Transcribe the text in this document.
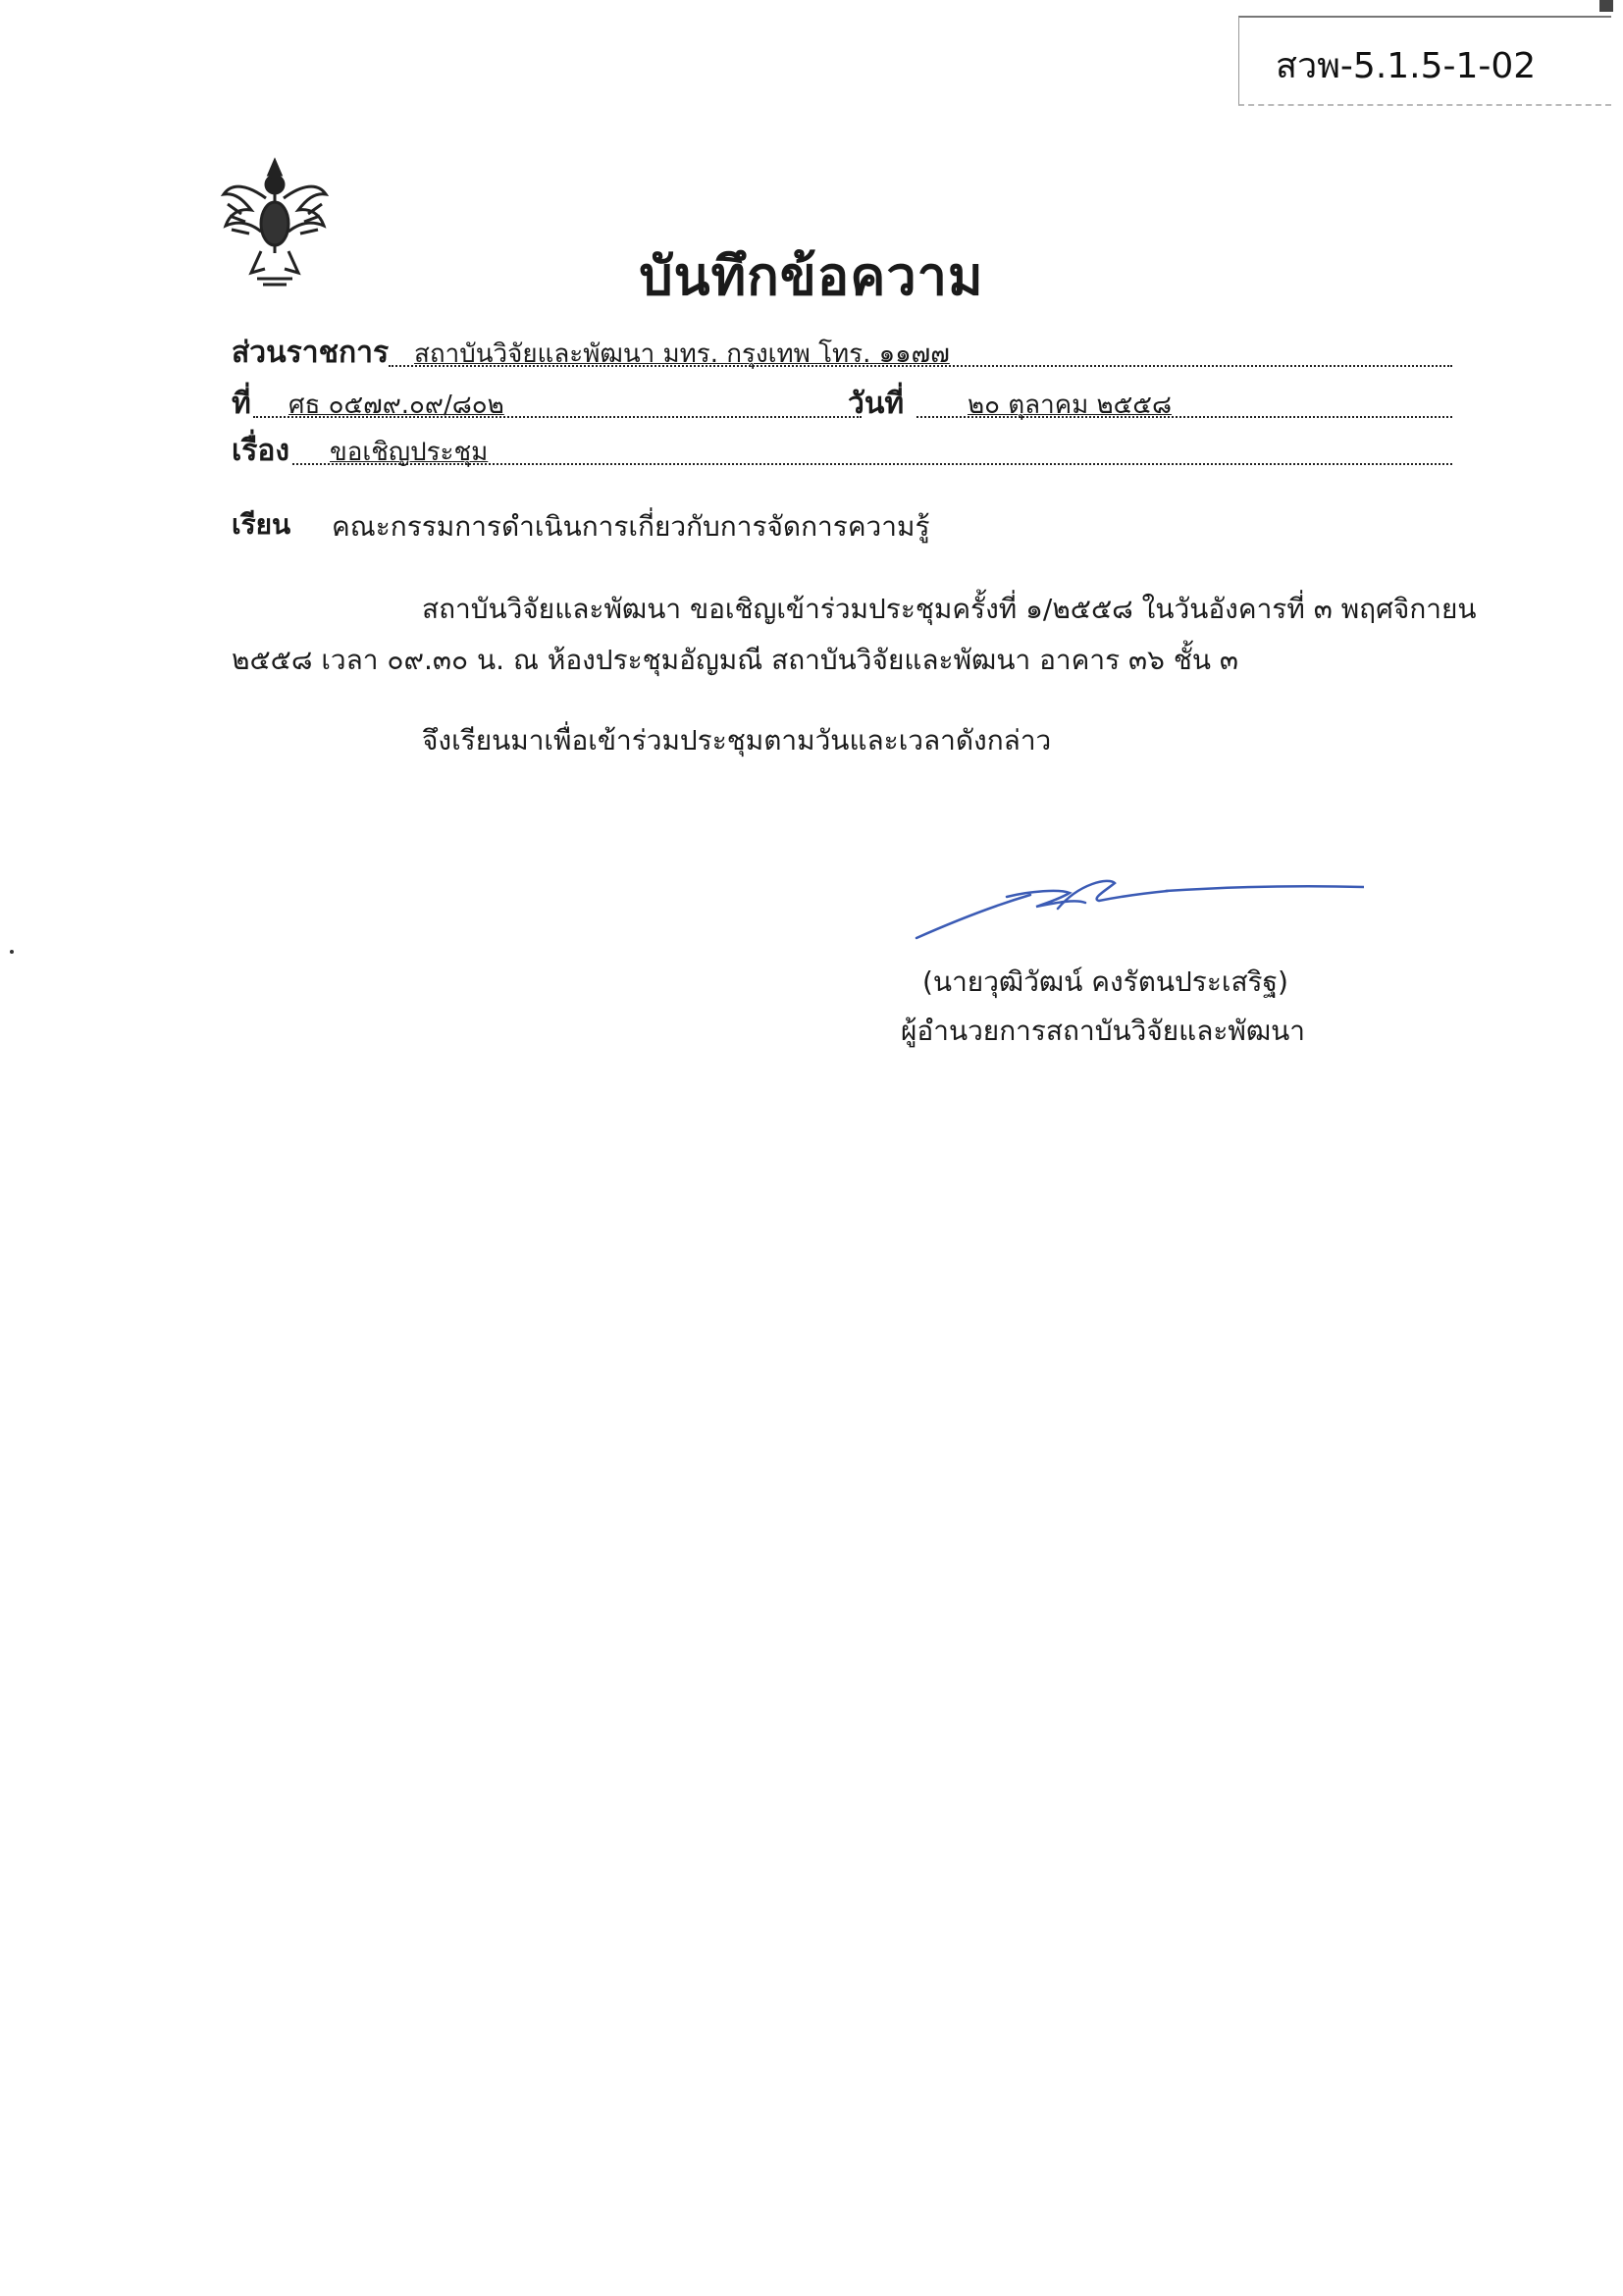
สวพ-5.1.5-1-02
บันทึกข้อความ
ส่วนราชการ สถาบันวิจัยและพัฒนา มทร. กรุงเทพ โทร. ๑๑๗๗
ที่ ศธ ๐๕๗๙.๐๙/๘๐๒	วันที่ ๒๐ ตุลาคม ๒๕๕๘
เรื่อง ขอเชิญประชุม
เรียน คณะกรรมการดำเนินการเกี่ยวกับการจัดการความรู้
สถาบันวิจัยและพัฒนา ขอเชิญเข้าร่วมประชุมครั้งที่ ๑/๒๕๕๘ ในวันอังคารที่ ๓ พฤศจิกายน
๒๕๕๘ เวลา ๐๙.๓๐ น. ณ ห้องประชุมอัญมณี สถาบันวิจัยและพัฒนา อาคาร ๓๖ ชั้น ๓
จึงเรียนมาเพื่อเข้าร่วมประชุมตามวันและเวลาดังกล่าว
(นายวุฒิวัฒน์ คงรัตนประเสริฐ)
ผู้อำนวยการสถาบันวิจัยและพัฒนา
